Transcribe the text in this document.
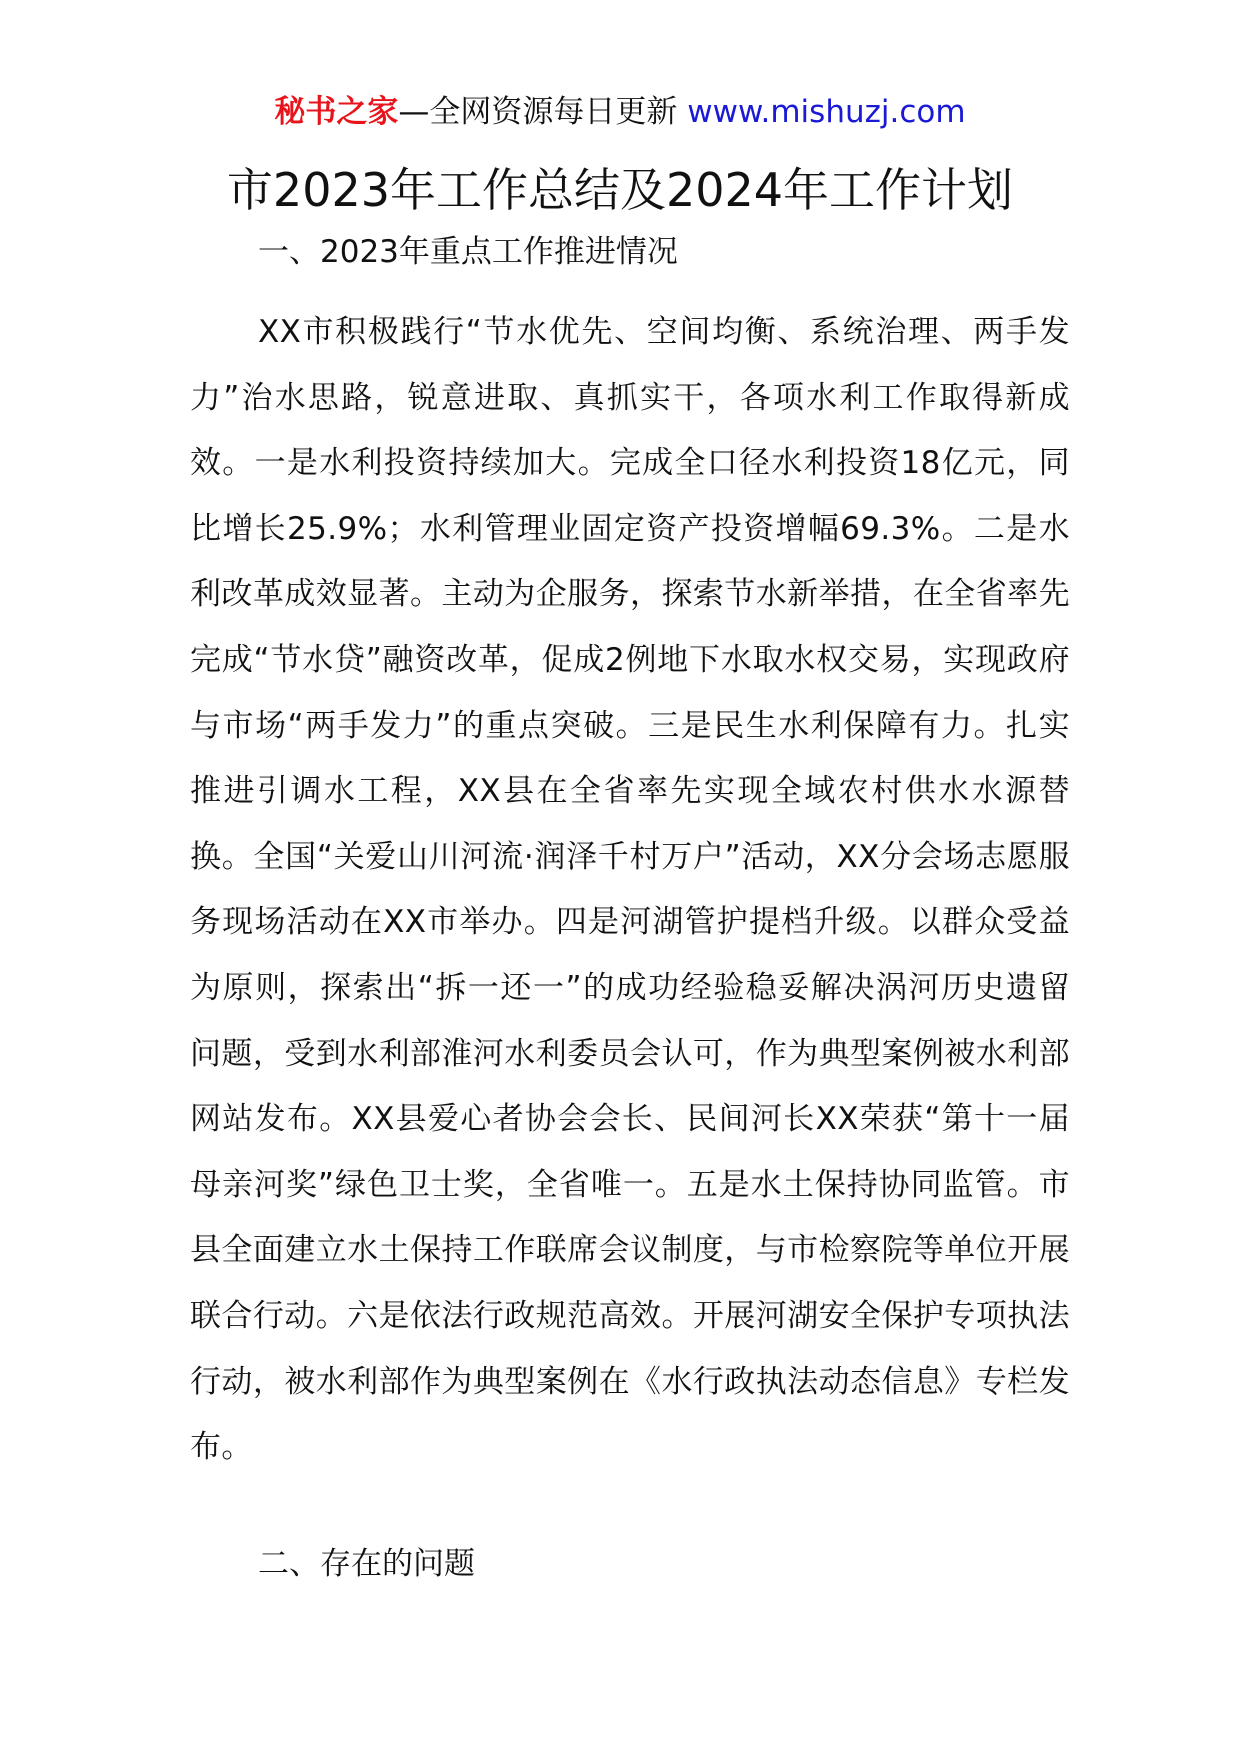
秘书之家—全网资源每日更新 www.mishuzj.com
市2023年工作总结及2024年工作计划
一、2023年重点工作推进情况

XX市积极践行“节水优先、空间均衡、系统治理、两手发力”治水思路，锐意进取、真抓实干，各项水利工作取得新成效。一是水利投资持续加大。完成全口径水利投资18亿元，同比增长25.9%；水利管理业固定资产投资增幅69.3%。二是水利改革成效显著。主动为企服务，探索节水新举措，在全省率先完成“节水贷”融资改革，促成2例地下水取水权交易，实现政府与市场“两手发力”的重点突破。三是民生水利保障有力。扎实推进引调水工程，XX县在全省率先实现全域农村供水水源替换。全国“关爱山川河流·润泽千村万户”活动，XX分会场志愿服务现场活动在XX市举办。四是河湖管护提档升级。以群众受益为原则，探索出“拆一还一”的成功经验稳妥解决涡河历史遗留问题，受到水利部淮河水利委员会认可，作为典型案例被水利部网站发布。XX县爱心者协会会长、民间河长XX荣获“第十一届母亲河奖”绿色卫士奖，全省唯一。五是水土保持协同监管。市县全面建立水土保持工作联席会议制度，与市检察院等单位开展联合行动。六是依法行政规范高效。开展河湖安全保护专项执法行动，被水利部作为典型案例在《水行政执法动态信息》专栏发布。

二、存在的问题
